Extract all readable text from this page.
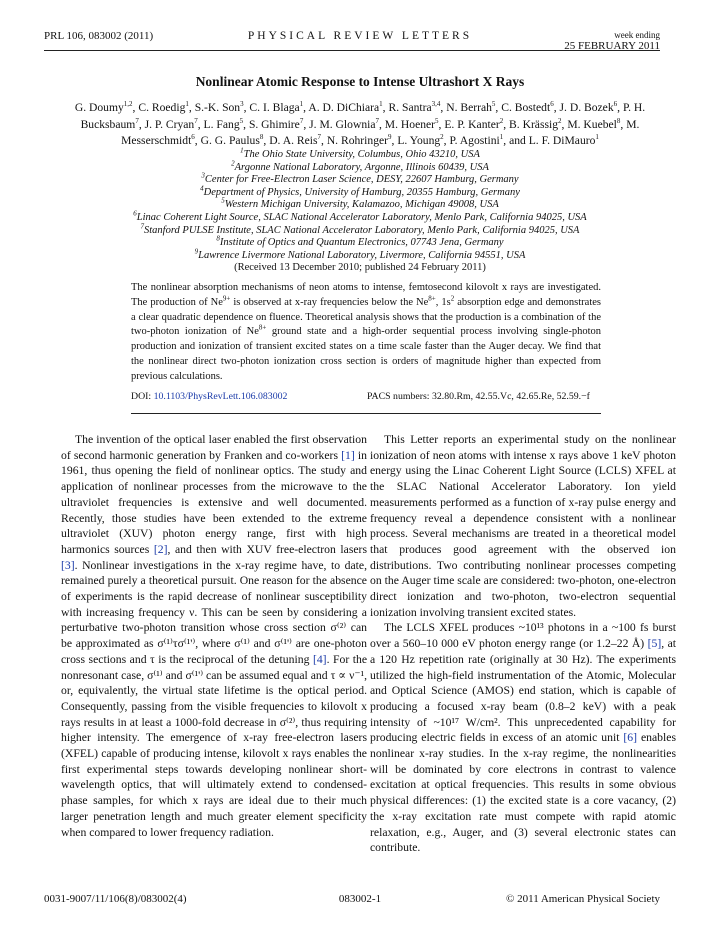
PRL 106, 083002 (2011)	PHYSICAL REVIEW LETTERS	week ending
25 FEBRUARY 2011
Nonlinear Atomic Response to Intense Ultrashort X Rays
G. Doumy$^{1,2}$, C. Roedig$^1$, S.-K. Son$^3$, C. I. Blaga$^1$, A. D. DiChiara$^1$, R. Santra$^{3,4}$, N. Berrah$^5$, C. Bostedt$^6$, J. D. Bozek$^6$, P. H. Bucksbaum$^7$, J. P. Cryan$^7$, L. Fang$^5$, S. Ghimire$^7$, J. M. Glownia$^7$, M. Hoener$^5$, E. P. Kanter$^2$, B. Krässig$^2$, M. Kuebel$^8$, M. Messerschmidt$^6$, G. G. Paulus$^8$, D. A. Reis$^7$, N. Rohringer$^9$, L. Young$^2$, P. Agostini$^1$, and L. F. DiMauro$^1$
$^1$The Ohio State University, Columbus, Ohio 43210, USA
$^2$Argonne National Laboratory, Argonne, Illinois 60439, USA
$^3$Center for Free-Electron Laser Science, DESY, 22607 Hamburg, Germany
$^4$Department of Physics, University of Hamburg, 20355 Hamburg, Germany
$^5$Western Michigan University, Kalamazoo, Michigan 49008, USA
$^6$Linac Coherent Light Source, SLAC National Accelerator Laboratory, Menlo Park, California 94025, USA
$^7$Stanford PULSE Institute, SLAC National Accelerator Laboratory, Menlo Park, California 94025, USA
$^8$Institute of Optics and Quantum Electronics, 07743 Jena, Germany
$^9$Lawrence Livermore National Laboratory, Livermore, California 94551, USA
(Received 13 December 2010; published 24 February 2011)
The nonlinear absorption mechanisms of neon atoms to intense, femtosecond kilovolt x rays are investigated. The production of $Ne^{9+}$ is observed at x-ray frequencies below the $Ne^{8+}$, $1s^2$ absorption edge and demonstrates a clear quadratic dependence on fluence. Theoretical analysis shows that the production is a combination of the two-photon ionization of $Ne^{8+}$ ground state and a high-order sequential process involving single-photon production and ionization of transient excited states on a time scale faster than the Auger decay. We find that the nonlinear direct two-photon ionization cross section is orders of magnitude higher than expected from previous calculations.
DOI: 10.1103/PhysRevLett.106.083002	PACS numbers: 32.80.Rm, 42.55.Vc, 42.65.Re, 52.59.−f

The invention of the optical laser enabled the first observation of second harmonic generation by Franken and co-workers [1] in 1961, thus opening the field of nonlinear optics. The study and application of nonlinear processes from the microwave to the ultraviolet frequencies is extensive and well documented. Recently, those studies have been extended to the extreme ultraviolet (XUV) photon energy range, first with high harmonics sources [2], and then with XUV free-electron lasers [3]. Nonlinear investigations in the x-ray regime have, to date, remained purely a theoretical pursuit. One reason for the absence of experiments is the rapid decrease of nonlinear susceptibility with increasing frequency ν. This can be seen by considering a perturbative two-photon transition whose cross section σ⁽²⁾ can be approximated as σ⁽¹⁾τσ⁽¹'⁾, where σ⁽¹⁾ and σ⁽¹'⁾ are one-photon cross sections and τ is the reciprocal of the detuning [4]. For the nonresonant case, σ⁽¹⁾ and σ⁽¹'⁾ can be assumed equal and τ ∝ ν⁻¹, or, equivalently, the virtual state lifetime is the optical period. Consequently, passing from the visible frequencies to kilovolt x rays results in at least a 1000-fold decrease in σ⁽²⁾, thus requiring higher intensity. The emergence of x-ray free-electron lasers (XFEL) capable of producing intense, kilovolt x rays enables the first experimental steps towards developing nonlinear short-wavelength optics, that will ultimately extend to condensed-phase samples, for which x rays are ideal due to their much larger penetration length and much greater element specificity when compared to lower frequency radiation.

This Letter reports an experimental study on the nonlinear ionization of neon atoms with intense x rays above 1 keV photon energy using the Linac Coherent Light Source (LCLS) XFEL at the SLAC National Accelerator Laboratory. Ion yield measurements performed as a function of x-ray pulse energy and frequency reveal a dependence consistent with a nonlinear process. Several mechanisms are treated in a theoretical model that produces good agreement with the observed ion distributions. Two contributing nonlinear processes competing on the Auger time scale are considered: two-photon, one-electron direct ionization and two-photon, two-electron sequential ionization involving transient excited states.

The LCLS XFEL produces ~10¹³ photons in a ~100 fs burst over a 560–10 000 eV photon energy range (or 1.2–22 Å) [5], at a 120 Hz repetition rate (originally at 30 Hz). The experiments utilized the high-field instrumentation of the Atomic, Molecular and Optical Science (AMOS) end station, which is capable of producing a focused x-ray beam (0.8–2 keV) with a peak intensity of ~10¹⁷ W/cm². This unprecedented capability for producing electric fields in excess of an atomic unit [6] enables nonlinear x-ray studies. In the x-ray regime, the nonlinearities will be dominated by core electrons in contrast to valence excitation at optical frequencies. This results in some obvious physical differences: (1) the excited state is a core vacancy, (2) the x-ray excitation rate must compete with rapid atomic relaxation, e.g., Auger, and (3) several electronic states can contribute.

0031-9007/11/106(8)/083002(4)	083002-1	© 2011 American Physical Society
